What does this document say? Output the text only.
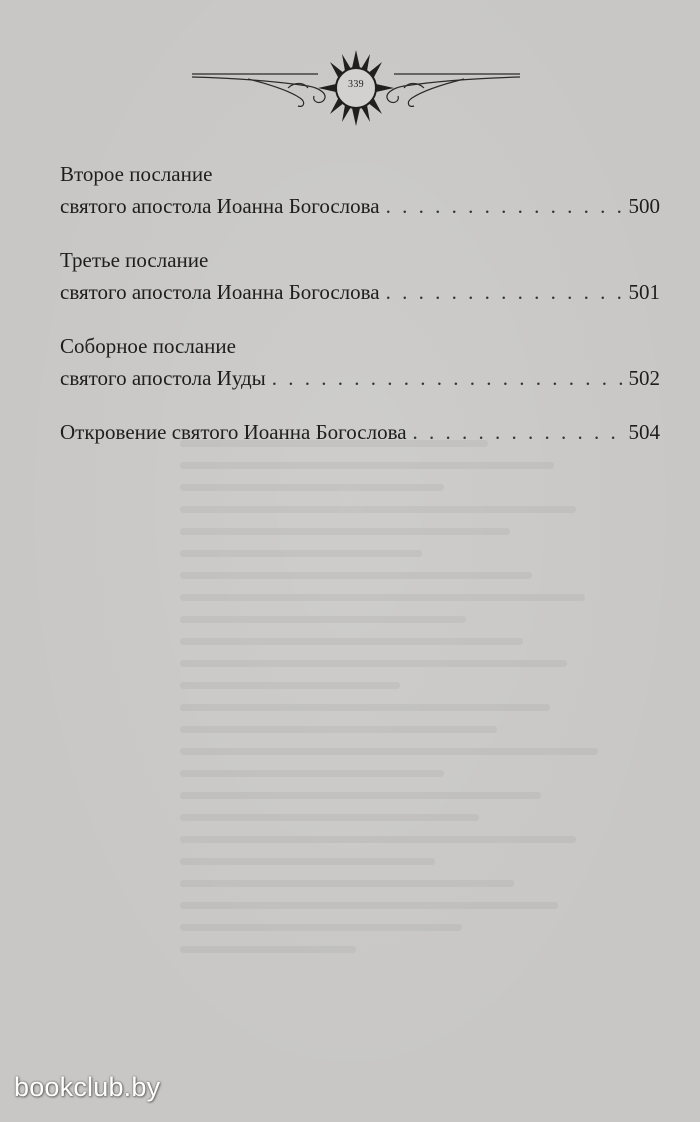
339
Второе послание
святого апостола Иоанна Богослова . . .	500
Третье послание
святого апостола Иоанна Богослова . . .	501
Соборное послание
святого апостола Иуды . . .	502
Откровение святого Иоанна Богослова . . .	504
bookclub.by
